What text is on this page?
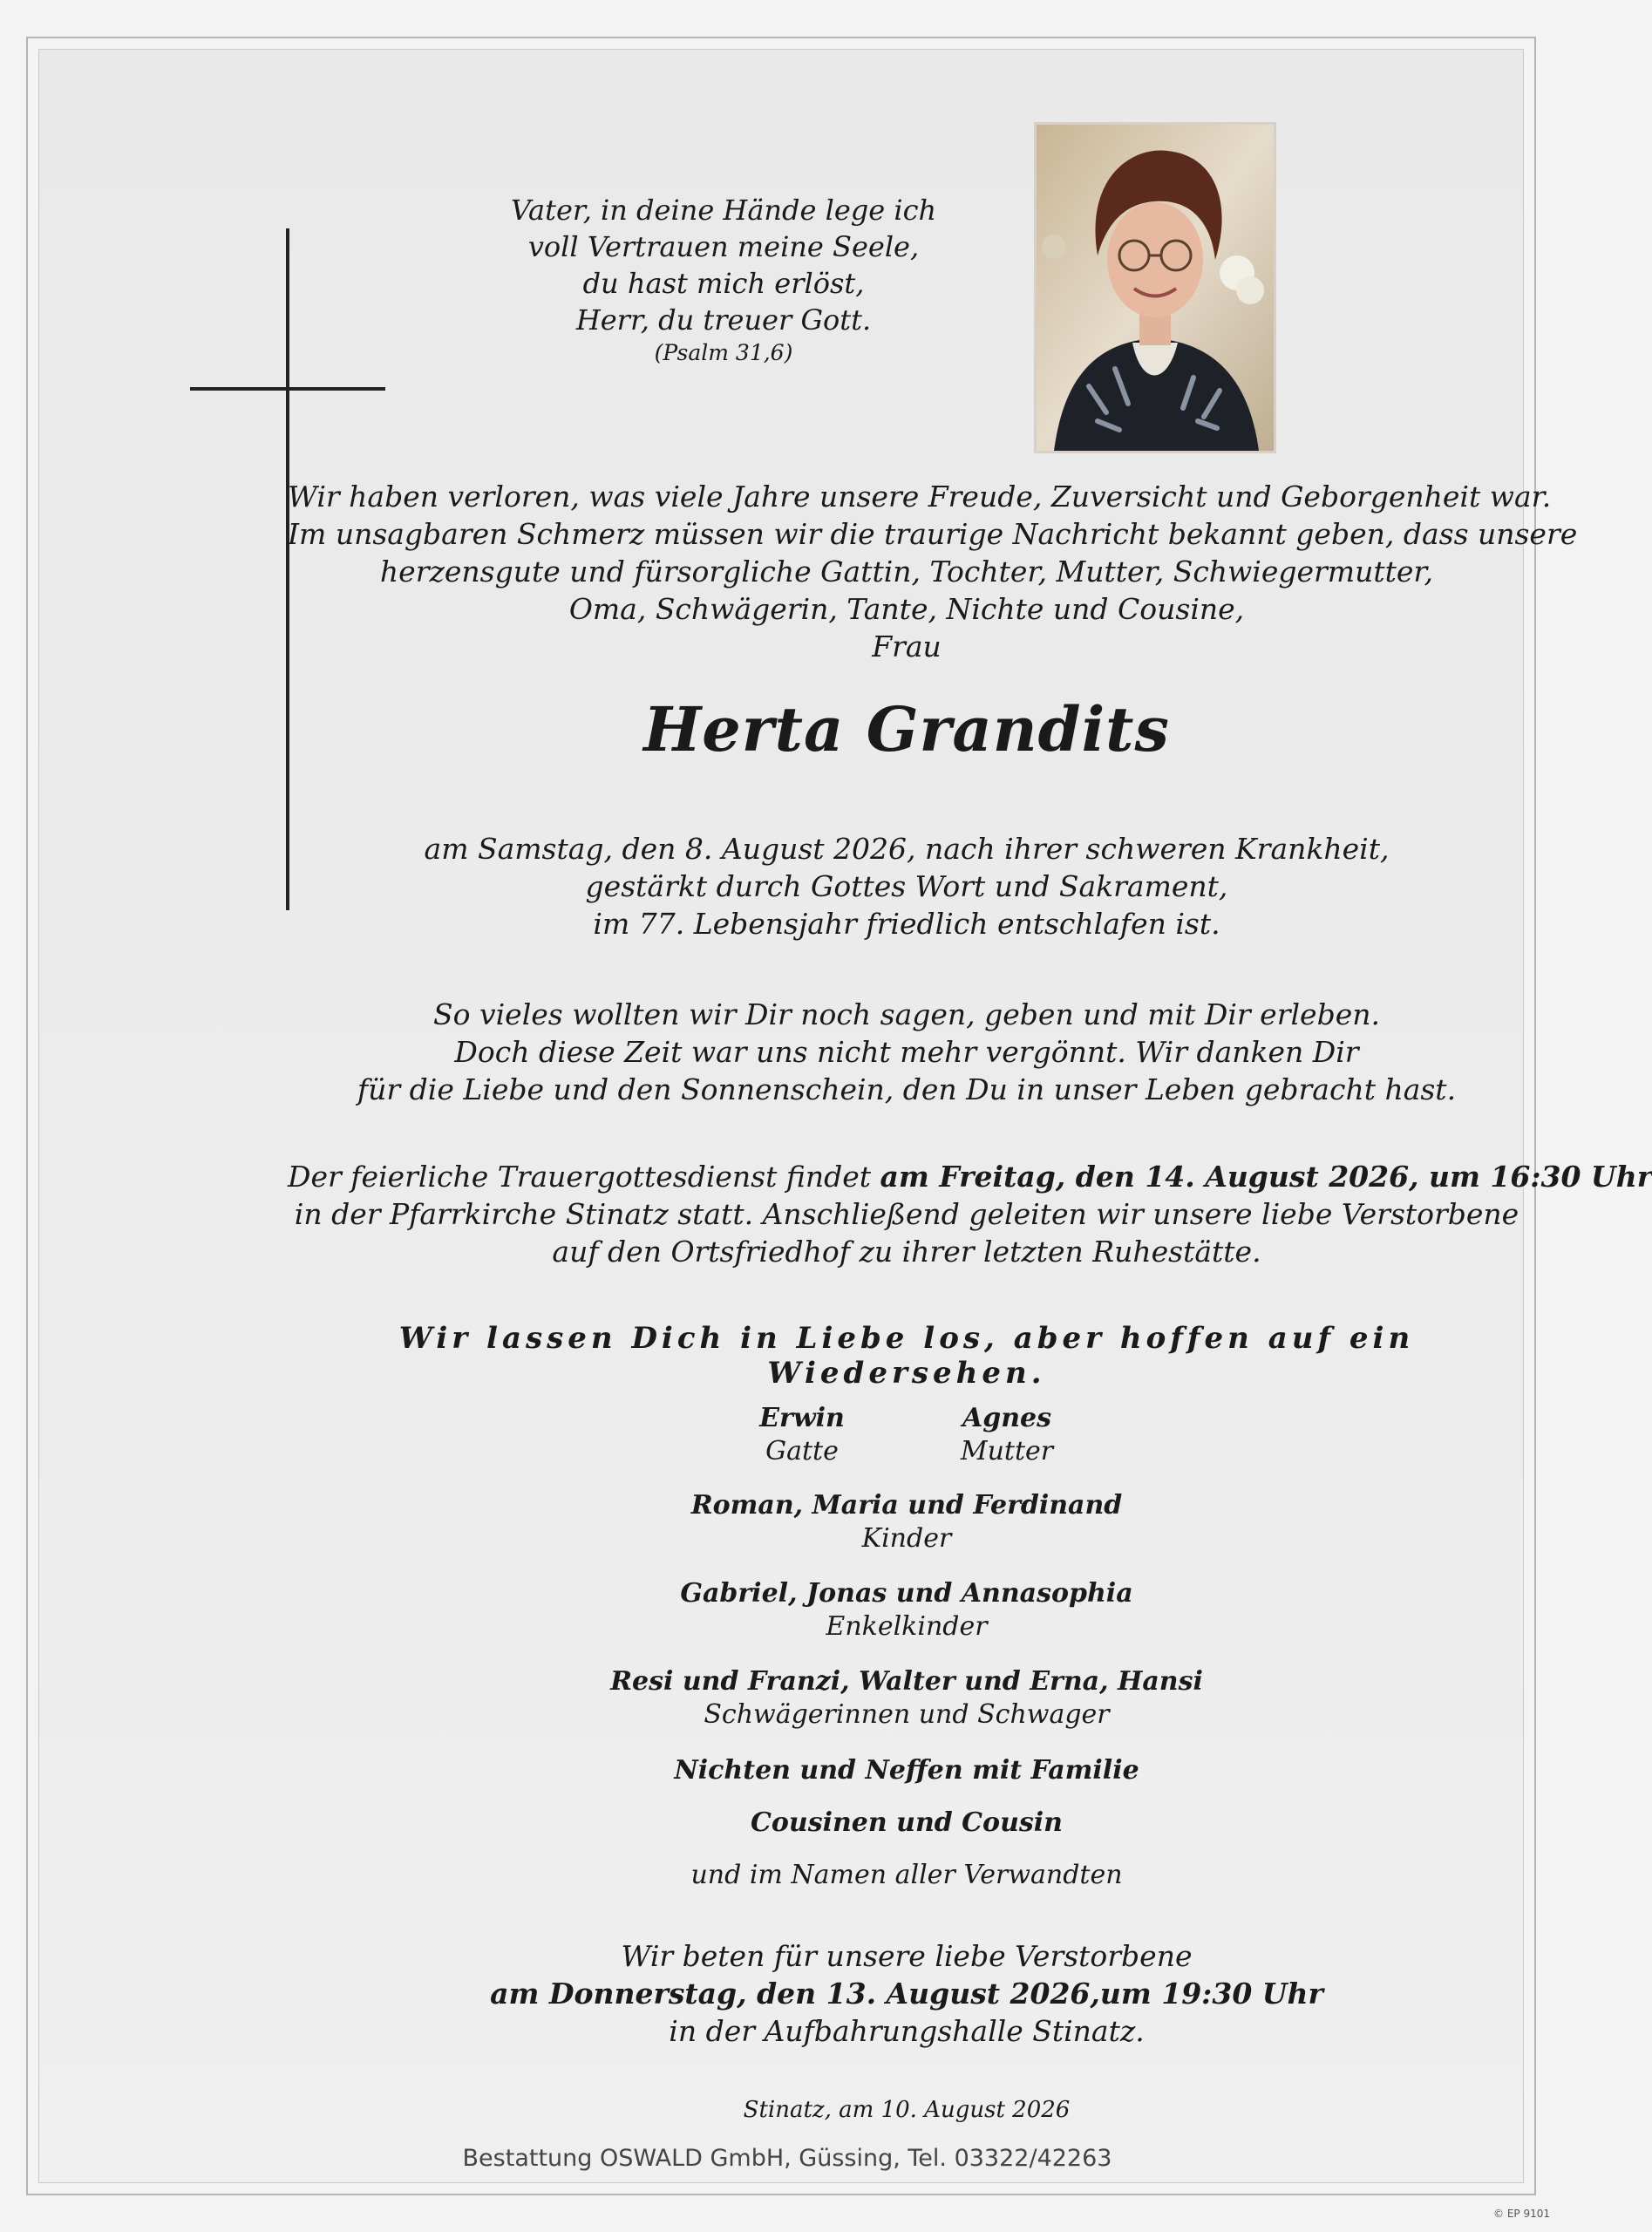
Vater, in deine Hände lege ich
voll Vertrauen meine Seele,
du hast mich erlöst,
Herr, du treuer Gott.
(Psalm 31,6)
Wir haben verloren, was viele Jahre unsere Freude, Zuversicht und Geborgenheit war.
Im unsagbaren Schmerz müssen wir die traurige Nachricht bekannt geben, dass unsere
herzensgute und fürsorgliche Gattin, Tochter, Mutter, Schwiegermutter,
Oma, Schwägerin, Tante, Nichte und Cousine,
Frau
Herta Grandits
am Samstag, den 8. August 2026, nach ihrer schweren Krankheit,
gestärkt durch Gottes Wort und Sakrament,
im 77. Lebensjahr friedlich entschlafen ist.
So vieles wollten wir Dir noch sagen, geben und mit Dir erleben.
Doch diese Zeit war uns nicht mehr vergönnt. Wir danken Dir
für die Liebe und den Sonnenschein, den Du in unser Leben gebracht hast.
Der feierliche Trauergottesdienst findet am Freitag, den 14. August 2026, um 16:30 Uhr
in der Pfarrkirche Stinatz statt. Anschließend geleiten wir unsere liebe Verstorbene
auf den Ortsfriedhof zu ihrer letzten Ruhestätte.
Wir lassen Dich in Liebe los, aber hoffen auf ein Wiedersehen.
Erwin
Gatte
Agnes
Mutter
Roman, Maria und Ferdinand
Kinder
Gabriel, Jonas und Annasophia
Enkelkinder
Resi und Franzi, Walter und Erna, Hansi
Schwägerinnen und Schwager
Nichten und Neffen mit Familie
Cousinen und Cousin
und im Namen aller Verwandten
Wir beten für unsere liebe Verstorbene
am Donnerstag, den 13. August 2026,um 19:30 Uhr
in der Aufbahrungshalle Stinatz.
Stinatz, am 10. August 2026
Bestattung OSWALD GmbH, Güssing, Tel. 03322/42263
© EP 9101
